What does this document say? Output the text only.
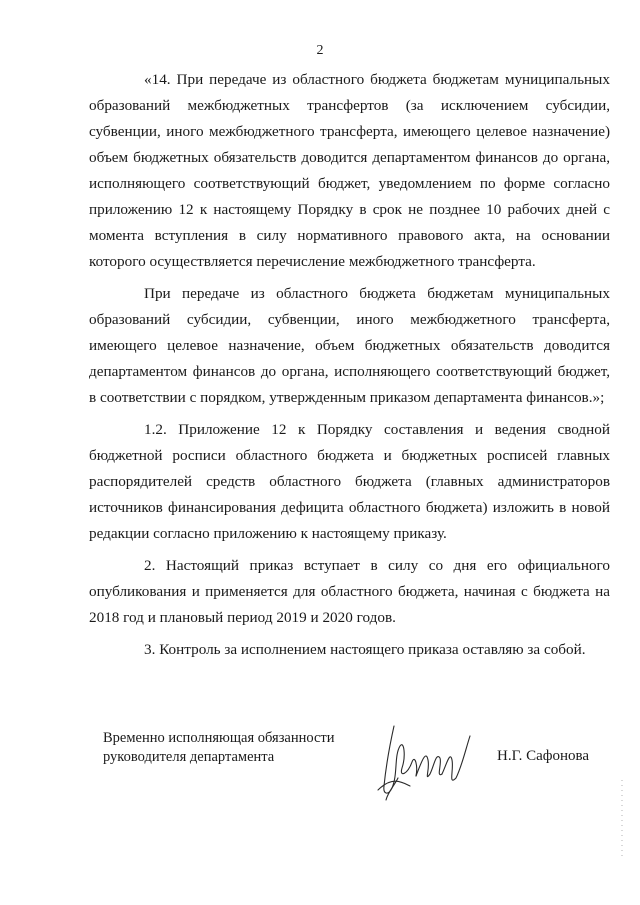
2

«14. При передаче из областного бюджета бюджетам муниципальных образований межбюджетных трансфертов (за исключением субсидии, субвенции, иного межбюджетного трансферта, имеющего целевое назначение) объем бюджетных обязательств доводится департаментом финансов до органа, исполняющего соответствующий бюджет, уведомлением по форме согласно приложению 12 к настоящему Порядку в срок не позднее 10 рабочих дней с момента вступления в силу нормативного правового акта, на основании которого осуществляется перечисление межбюджетного трансферта.

При передаче из областного бюджета бюджетам муниципальных образований субсидии, субвенции, иного межбюджетного трансферта, имеющего целевое назначение, объем бюджетных обязательств доводится департаментом финансов до органа, исполняющего соответствующий бюджет, в соответствии с порядком, утвержденным приказом департамента финансов.»;

1.2. Приложение 12 к Порядку составления и ведения сводной бюджетной росписи областного бюджета и бюджетных росписей главных распорядителей средств областного бюджета (главных администраторов источников финансирования дефицита областного бюджета) изложить в новой редакции согласно приложению к настоящему приказу.

2. Настоящий приказ вступает в силу со дня его официального опубликования и применяется для областного бюджета, начиная с бюджета на 2018 год и плановый период 2019 и 2020 годов.

3. Контроль за исполнением настоящего приказа оставляю за собой.

Временно исполняющая обязанности
руководителя департамента	Н.Г. Сафонова
